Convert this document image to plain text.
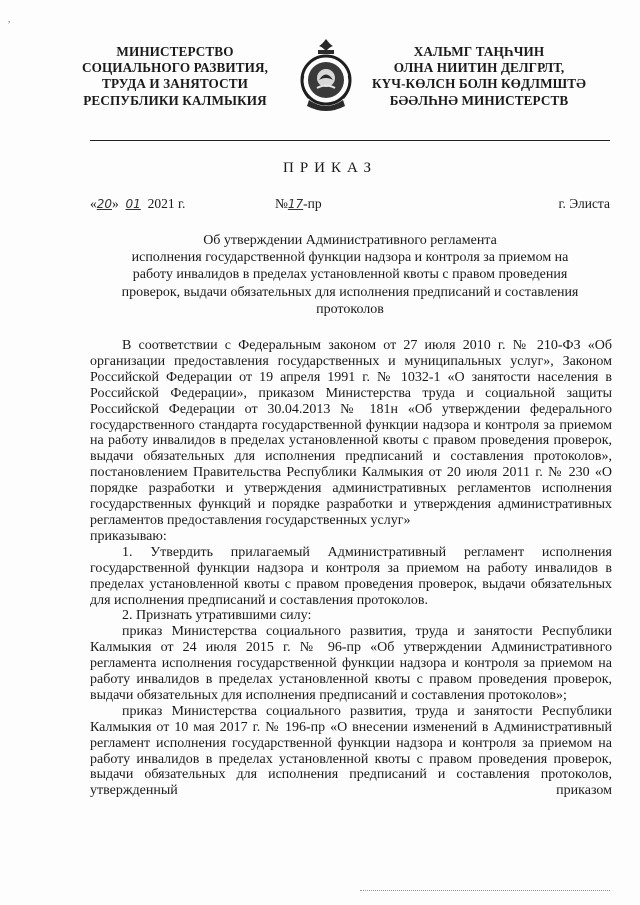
,
МИНИСТЕРСТВО
СОЦИАЛЬНОГО РАЗВИТИЯ,
ТРУДА И ЗАНЯТОСТИ
РЕСПУБЛИКИ КАЛМЫКИЯ
ХАЛЬМГ ТАҢҺЧИН
ОЛНА НИИТИН ДЕЛГРЛТ,
КҮЧ-КӨЛСН БОЛН КӨДЛМШТӘ
БӘӘЛҺНӘ МИНИСТЕРСТВ
ПРИКАЗ
«20» 01 2021 г.	№17-пр	г. Элиста
Об утверждении Административного регламента
исполнения государственной функции надзора и контроля за приемом на
работу инвалидов в пределах установленной квоты с правом проведения
проверок, выдачи обязательных для исполнения предписаний и составления
протоколов

В соответствии с Федеральным законом от 27 июля 2010 г. № 210-ФЗ «Об организации предоставления государственных и муниципальных услуг», Законом Российской Федерации от 19 апреля 1991 г. № 1032-1 «О занятости населения в Российской Федерации», приказом Министерства труда и социальной защиты Российской Федерации от 30.04.2013 № 181н «Об утверждении федерального государственного стандарта государственной функции надзора и контроля за приемом на работу инвалидов в пределах установленной квоты с правом проведения проверок, выдачи обязательных для исполнения предписаний и составления протоколов», постановлением Правительства Республики Калмыкия от 20 июля 2011 г. № 230 «О порядке разработки и утверждения административных регламентов исполнения государственных функций и порядке разработки и утверждения административных регламентов предоставления государственных услуг»

приказываю:

1. Утвердить прилагаемый Административный регламент исполнения государственной функции надзора и контроля за приемом на работу инвалидов в пределах установленной квоты с правом проведения проверок, выдачи обязательных для исполнения предписаний и составления протоколов.

2. Признать утратившими силу:

приказ Министерства социального развития, труда и занятости Республики Калмыкия от 24 июля 2015 г. № 96-пр «Об утверждении Административного регламента исполнения государственной функции надзора и контроля за приемом на работу инвалидов в пределах установленной квоты с правом проведения проверок, выдачи обязательных для исполнения предписаний и составления протоколов»;

приказ Министерства социального развития, труда и занятости Республики Калмыкия от 10 мая 2017 г. № 196-пр «О внесении изменений в Административный регламент исполнения государственной функции надзора и контроля за приемом на работу инвалидов в пределах установленной квоты с правом проведения проверок, выдачи обязательных для исполнения предписаний и составления протоколов, утвержденный приказом
